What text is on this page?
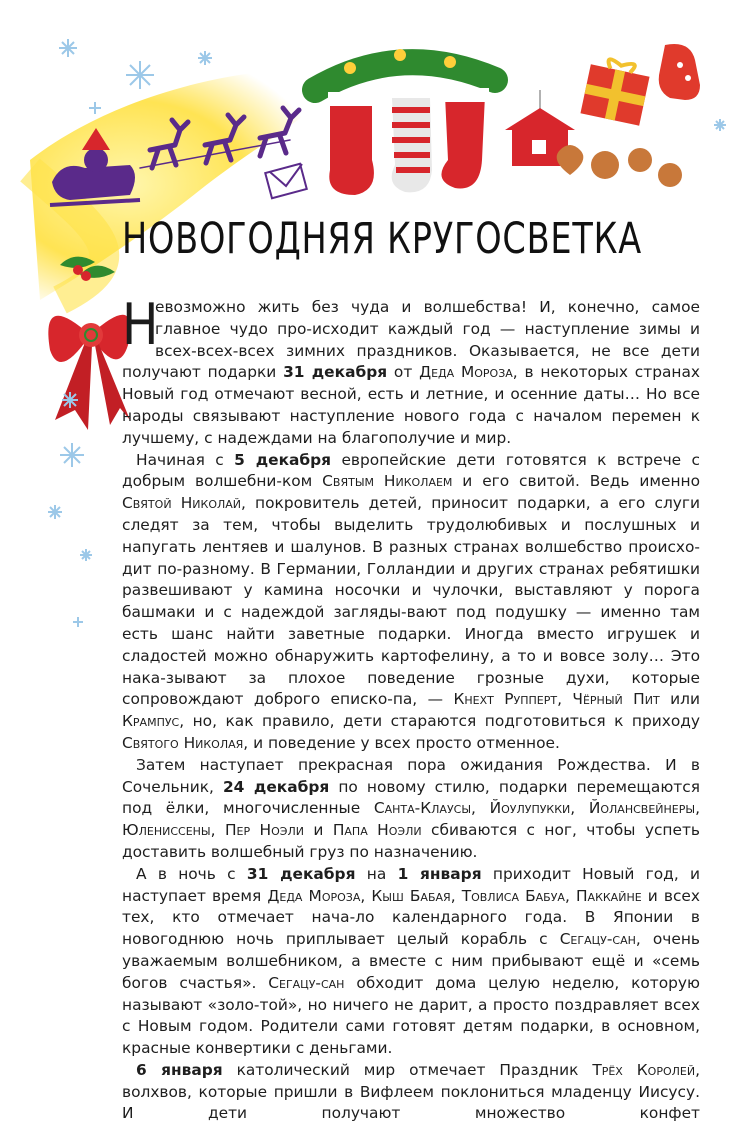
НОВОГОДНЯЯ КРУГОСВЕТКА

Н
евозможно жить без чуда и волшебства! И, конечно, самое главное чудо про-исходит каждый год — наступление зимы и всех-всех-всех зимних праздников. Оказывается, не все дети получают подарки 31 декабря от Деда Мороза, в некоторых странах Новый год отмечают весной, есть и летние, и осенние даты… Но все народы связывают наступление нового года с началом перемен к лучшему, с надеждами на благополучие и мир.

Начиная с 5 декабря европейские дети готовятся к встрече с добрым волшебни-ком Святым Николаем и его свитой. Ведь именно Святой Николай, покровитель детей, приносит подарки, а его слуги следят за тем, чтобы выделить трудолюбивых и послушных и напугать лентяев и шалунов. В разных странах волшебство происхо-дит по-разному. В Германии, Голландии и других странах ребятишки развешивают у камина носочки и чулочки, выставляют у порога башмаки и с надеждой загляды-вают под подушку — именно там есть шанс найти заветные подарки. Иногда вместо игрушек и сладостей можно обнаружить картофелину, а то и вовсе золу… Это нака-зывают за плохое поведение грозные духи, которые сопровождают доброго еписко-па, — Кнехт Рупперт, Чёрный Пит или Крампус, но, как правило, дети стараются подготовиться к приходу Святого Николая, и поведение у всех просто отменное.

Затем наступает прекрасная пора ожидания Рождества. И в Сочельник, 24 декабря по новому стилю, подарки перемещаются под ёлки, многочисленные Санта-Клаусы, Йоулупукки, Йолансвейнеры, Юлениссены, Пер Ноэли и Папа Ноэли сбиваются с ног, чтобы успеть доставить волшебный груз по назначению.

А в ночь с 31 декабря на 1 января приходит Новый год, и наступает время Деда Мороза, Кыш Бабая, Товлиса Бабуа, Паккайне и всех тех, кто отмечает нача-ло календарного года. В Японии в новогоднюю ночь приплывает целый корабль с Сегацу-сан, очень уважаемым волшебником, а вместе с ним прибывают ещё и «семь богов счастья». Сегацу-сан обходит дома целую неделю, которую называют «золо-той», но ничего не дарит, а просто поздравляет всех с Новым годом. Родители сами готовят детям подарки, в основном, красные конвертики с деньгами.

6 января католический мир отмечает Праздник Трёх Королей, волхвов, которые пришли в Вифлеем поклониться младенцу Иисусу. И дети получают множество конфет
